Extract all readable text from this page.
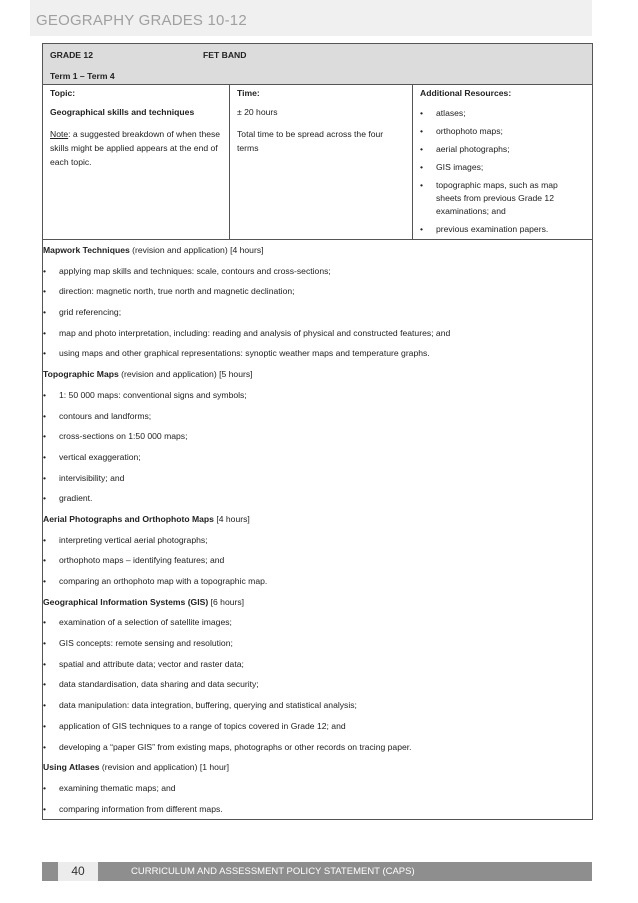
GEOGRAPHY GRADES 10-12
GRADE 12	FET BAND
Term 1 – Term 4

Topic:
Geographical skills and techniques
Note: a suggested breakdown of when these skills might be applied appears at the end of each topic.

Time:
± 20 hours
Total time to be spread across the four terms

Additional Resources:
•	atlases;
•	orthophoto maps;
•	aerial photographs;
•	GIS images;
•	topographic maps, such as map sheets from previous Grade 12 examinations; and
•	previous examination papers.

Mapwork Techniques (revision and application) [4 hours]
• applying map skills and techniques: scale, contours and cross-sections;
• direction: magnetic north, true north and magnetic declination;
• grid referencing;
• map and photo interpretation, including: reading and analysis of physical and constructed features; and
• using maps and other graphical representations: synoptic weather maps and temperature graphs.
Topographic Maps (revision and application) [5 hours]
• 1: 50 000 maps: conventional signs and symbols;
• contours and landforms;
• cross-sections on 1:50 000 maps;
• vertical exaggeration;
• intervisibility; and
• gradient.
Aerial Photographs and Orthophoto Maps [4 hours]
• interpreting vertical aerial photographs;
• orthophoto maps – identifying features; and
• comparing an orthophoto map with a topographic map.
Geographical Information Systems (GIS) [6 hours]
• examination of a selection of satellite images;
• GIS concepts: remote sensing and resolution;
• spatial and attribute data; vector and raster data;
• data standardisation, data sharing and data security;
• data manipulation: data integration, buffering, querying and statistical analysis;
• application of GIS techniques to a range of topics covered in Grade 12; and
• developing a “paper GIS” from existing maps, photographs or other records on tracing paper.
Using Atlases (revision and application) [1 hour]
• examining thematic maps; and
• comparing information from different maps.
40	CURRICULUM AND ASSESSMENT POLICY STATEMENT (CAPS)
